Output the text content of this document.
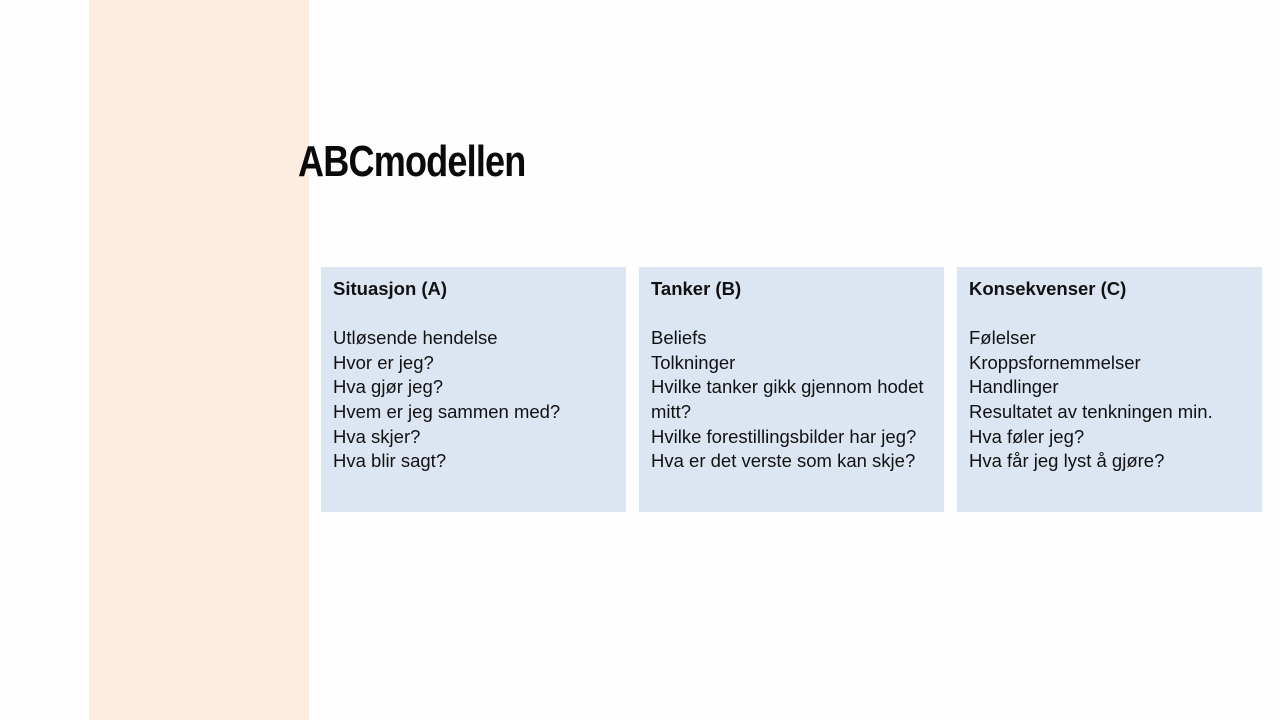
ABCmodellen
Situasjon (A)
Utløsende hendelse
Hvor er jeg?
Hva gjør jeg?
Hvem er jeg sammen med?
Hva skjer?
Hva blir sagt?
Tanker (B)
Beliefs
Tolkninger
Hvilke tanker gikk gjennom hodet mitt?
Hvilke forestillingsbilder har jeg?
Hva er det verste som kan skje?
Konsekvenser (C)
Følelser
Kroppsfornemmelser
Handlinger
Resultatet av tenkningen min.
Hva føler jeg?
Hva får jeg lyst å gjøre?
